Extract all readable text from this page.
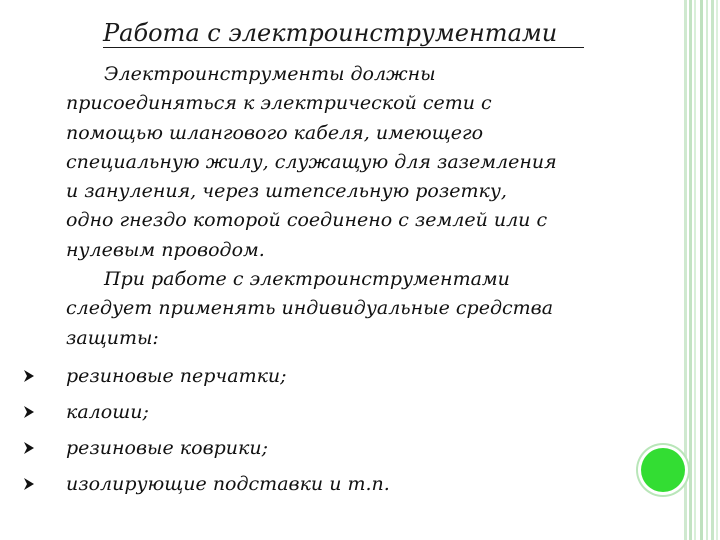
Работа с электроинструментами
Электроинструменты должны
присоединяться к электрической сети с
помощью шлангового кабеля, имеющего
специальную жилу, служащую для заземления
и зануления, через штепсельную розетку,
одно гнездо которой соединено с землей или с
нулевым проводом.
При работе с электроинструментами
следует применять индивидуальные средства
защиты:
резиновые перчатки;
калоши;
резиновые коврики;
изолирующие подставки и т.п.
